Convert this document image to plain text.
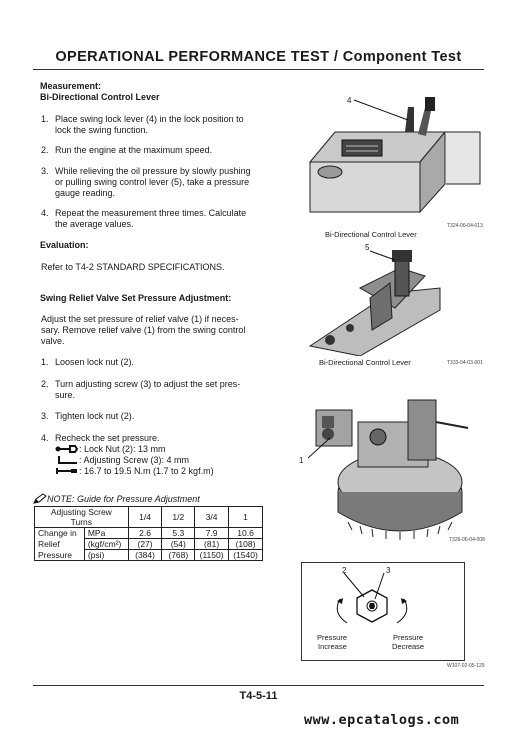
OPERATIONAL PERFORMANCE TEST / Component Test
Measurement:
Bi-Directional Control Lever
1. Place swing lock lever (4) in the lock position to
lock the swing function.
2. Run the engine at the maximum speed.
3. While relieving the oil pressure by slowly pushing
or pulling swing control lever (5), take a pressure
gauge reading.
4. Repeat the measurement three times. Calculate
the average values.
Evaluation:
Refer to T4-2 STANDARD SPECIFICATIONS.
Swing Relief Valve Set Pressure Adjustment:
Adjust the set pressure of relief valve (1) if neces-
sary. Remove relief valve (1) from the swing control
valve.
1. Loosen lock nut (2).
2. Turn adjusting screw (3) to adjust the set pres-
sure.
3. Tighten lock nut (2).
4. Recheck the set pressure.
: Lock Nut (2): 13 mm
: Adjusting Screw (3): 4 mm
: 16.7 to 19.5 N.m (1.7 to 2 kgf.m)
NOTE: Guide for Pressure Adjustment
Adjusting Screw		1/4	1/2	3/4	1
Turns					
Change in	MPa	2.6	5.3	7.9	10.6
Relief	(kgf/cm²)	(27)	(54)	(81)	(108)
Pressure	(psi)	(384)	(768)	(1150)	(1540)
4
Bi-Directional Control Lever
T324-06-04-013
5
Bi-Directional Control Lever	T333-04-03-001
1
T326-06-04-008
2	3
Pressure
Increase
Pressure
Decrease
W107-02-05-129
T4-5-11
www.epcatalogs.com
